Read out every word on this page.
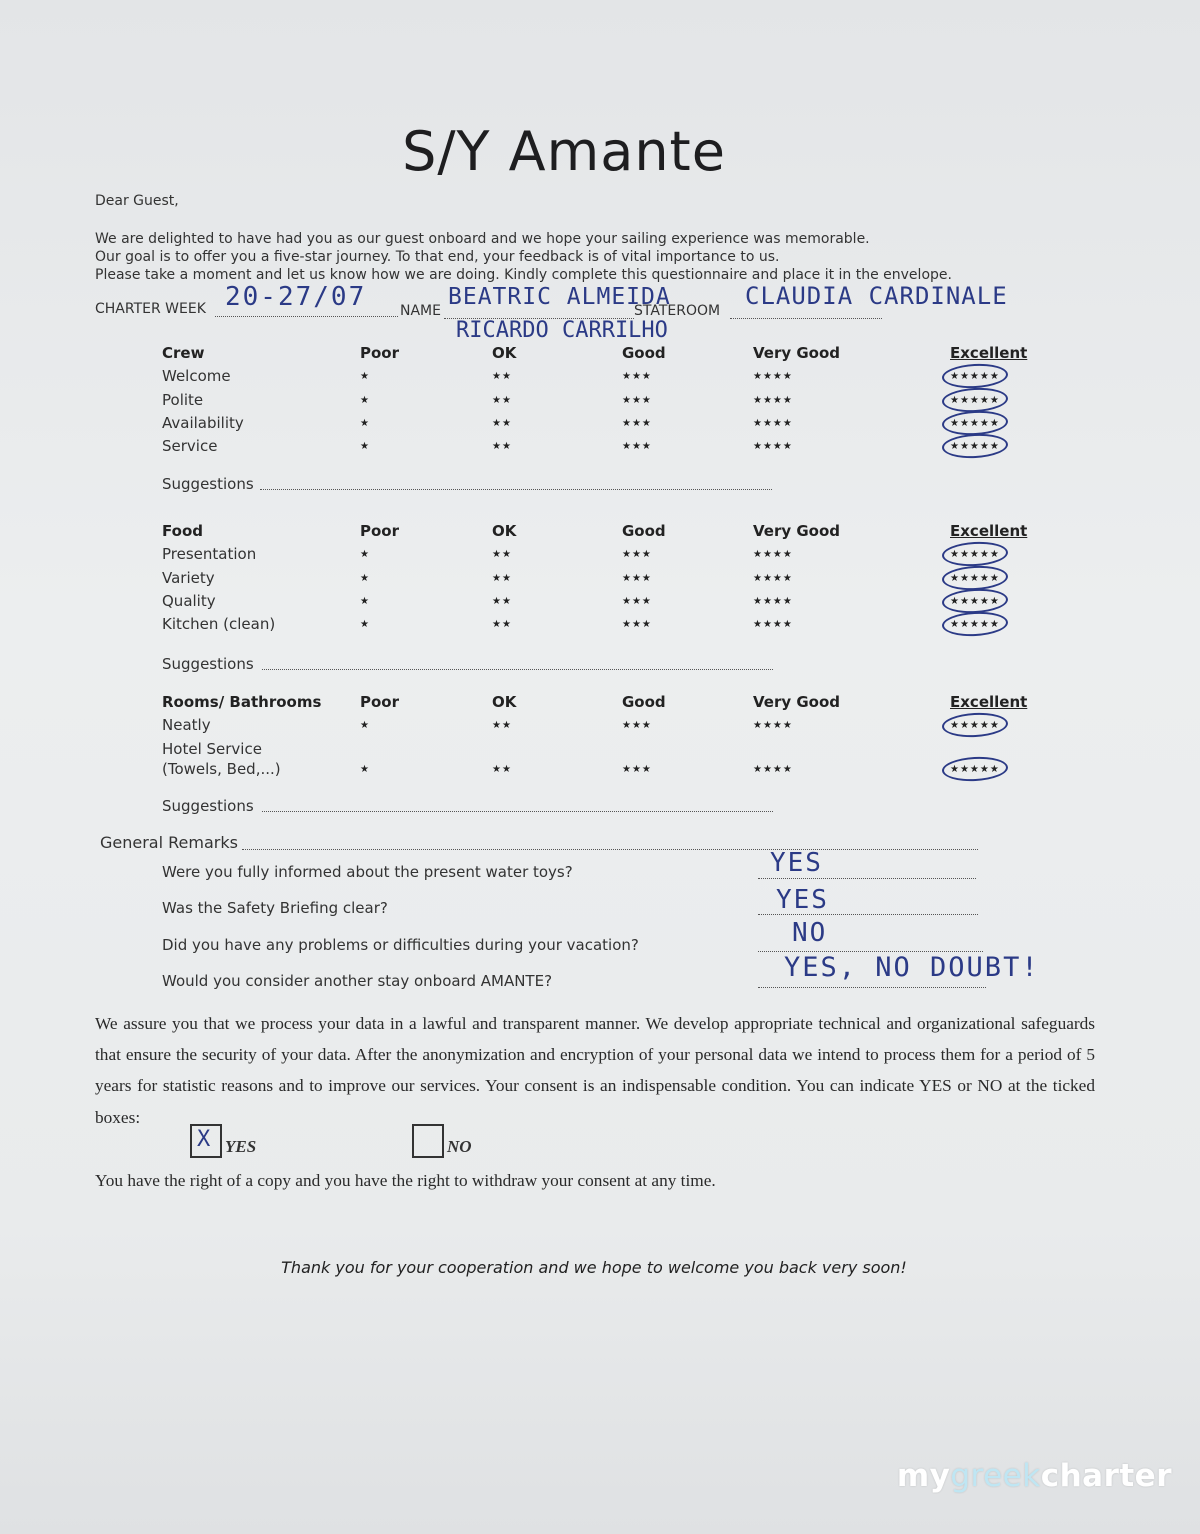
S/Y Amante
Dear Guest,
We are delighted to have had you as our guest onboard and we hope your sailing experience was memorable.
Our goal is to offer you a five-star journey. To that end, your feedback is of vital importance to us.
Please take a moment and let us know how we are doing. Kindly complete this questionnaire and place it in the envelope.
CHARTER WEEK 20-27/07 NAME
BEATRIC ALMEIDA
RICARDO CARRILHO
STATEROOM
CLAUDIA CARDINALE
Crew	Poor	OK	Good	Very Good	Excellent
Welcome	★	★★	★★★	★★★★	★★★★★
Polite	★	★★	★★★	★★★★	★★★★★
Availability	★	★★	★★★	★★★★	★★★★★
Service	★	★★	★★★	★★★★	★★★★★
Suggestions
Food	Poor	OK	Good	Very Good	Excellent
Presentation	★	★★	★★★	★★★★	★★★★★
Variety	★	★★	★★★	★★★★	★★★★★
Quality	★	★★	★★★	★★★★	★★★★★
Kitchen (clean)	★	★★	★★★	★★★★	★★★★★
Suggestions
Rooms/ Bathrooms	Poor	OK	Good	Very Good	Excellent
Neatly	★	★★	★★★	★★★★	★★★★★
Hotel Service
(Towels, Bed,...)	★	★★	★★★	★★★★	★★★★★
Suggestions
General Remarks
Were you fully informed about the present water toys?	YES
Was the Safety Briefing clear?	YES
Did you have any problems or difficulties during your vacation?	NO
Would you consider another stay onboard AMANTE?	YES, NO DOUBT!
We assure you that we process your data in a lawful and transparent manner. We develop appropriate technical and organizational safeguards that ensure the security of your data. After the anonymization and encryption of your personal data we intend to process them for a period of 5 years for statistic reasons and to improve our services. Your consent is an indispensable condition. You can indicate YES or NO at the ticked boxes:
X YES	NO
You have the right of a copy and you have the right to withdraw your consent at any time.
Thank you for your cooperation and we hope to welcome you back very soon!
mygreekcharter
